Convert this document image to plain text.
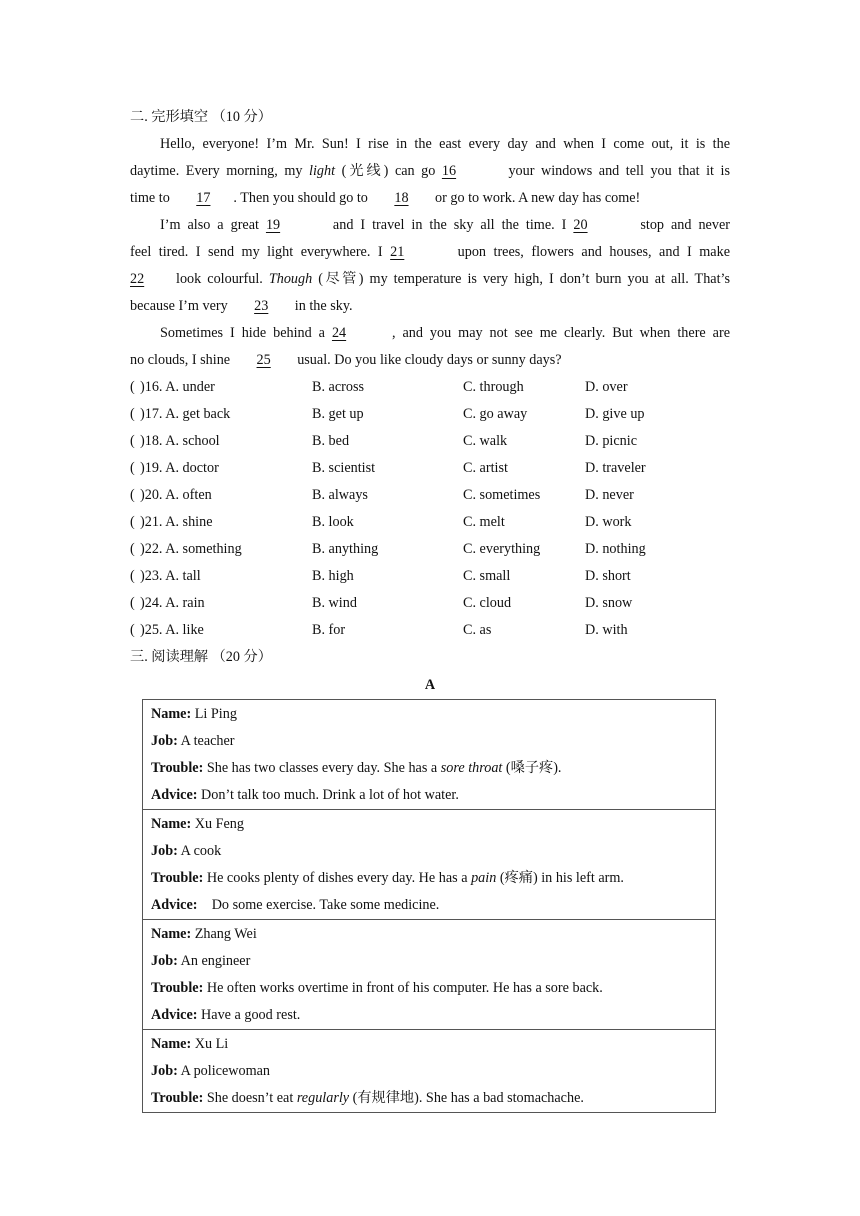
二. 完形填空 （10 分）
Hello, everyone! I’m Mr. Sun! I rise in the east every day and when I come out, it is the
daytime. Every morning, my light (光线) can go 16	your windows and tell you that it is
time to 17 . Then you should go to 18 or go to work. A new day has come!
I’m also a great 19	and I travel in the sky all the time. I 20	stop and never
feel tired. I send my light everywhere. I 21	upon trees, flowers and houses, and I make
22 look colourful. Though (尽管) my temperature is very high, I don’t burn you at all. That’s
because I’m very 23 in the sky.
Sometimes I hide behind a 24	, and you may not see me clearly. But when there are
no clouds, I shine 25 usual. Do you like cloudy days or sunny days?
( )16. A. under	B. across	C. through	D. over
( )17. A. get back	B. get up	C. go away	D. give up
( )18. A. school	B. bed	C. walk	D. picnic
( )19. A. doctor	B. scientist	C. artist	D. traveler
( )20. A. often	B. always	C. sometimes	D. never
( )21. A. shine	B. look	C. melt	D. work
( )22. A. something	B. anything	C. everything	D. nothing
( )23. A. tall	B. high	C. small	D. short
( )24. A. rain	B. wind	C. cloud	D. snow
( )25. A. like	B. for	C. as	D. with
三. 阅读理解 （20 分）
A
Name: Li Ping
Job: A teacher
Trouble: She has two classes every day. She has a sore throat (嗓子疼).
Advice: Don’t talk too much. Drink a lot of hot water.

Name: Xu Feng
Job: A cook
Trouble: He cooks plenty of dishes every day. He has a pain (疼痛) in his left arm.
Advice:    Do some exercise. Take some medicine.

Name: Zhang Wei
Job: An engineer
Trouble: He often works overtime in front of his computer. He has a sore back.
Advice: Have a good rest.

Name: Xu Li
Job: A policewoman
Trouble: She doesn’t eat regularly (有规律地). She has a bad stomachache.
